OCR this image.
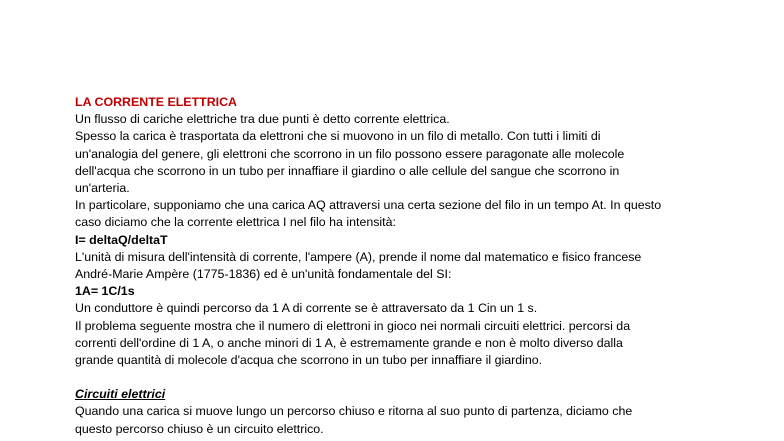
LA CORRENTE ELETTRICA
Un flusso di cariche elettriche tra due punti è detto corrente elettrica.
Spesso la carica è trasportata da elettroni che si muovono in un filo di metallo. Con tutti i limiti di
un'analogia del genere, gli elettroni che scorrono in un filo possono essere paragonate alle molecole
dell'acqua che scorrono in un tubo per innaffiare il giardino o alle cellule del sangue che scorrono in
un'arteria.
In particolare, supponiamo che una carica AQ attraversi una certa sezione del filo in un tempo At. In questo
caso diciamo che la corrente elettrica I nel filo ha intensità:
I= deltaQ/deltaT
L'unità di misura dell'intensità di corrente, l'ampere (A), prende il nome dal matematico e fisico francese
André-Marie Ampère (1775-1836) ed è un'unità fondamentale del SI:
1A= 1C/1s
Un conduttore è quindi percorso da 1 A di corrente se è attraversato da 1 Cin un 1 s.
Il problema seguente mostra che il numero di elettroni in gioco nei normali circuiti elettrici. percorsi da
correnti dell'ordine di 1 A, o anche minori di 1 A, è estremamente grande e non è molto diverso dalla
grande quantità di molecole d'acqua che scorrono in un tubo per innaffiare il giardino.
Circuiti elettrici
Quando una carica si muove lungo un percorso chiuso e ritorna al suo punto di partenza, diciamo che
questo percorso chiuso è un circuito elettrico.
